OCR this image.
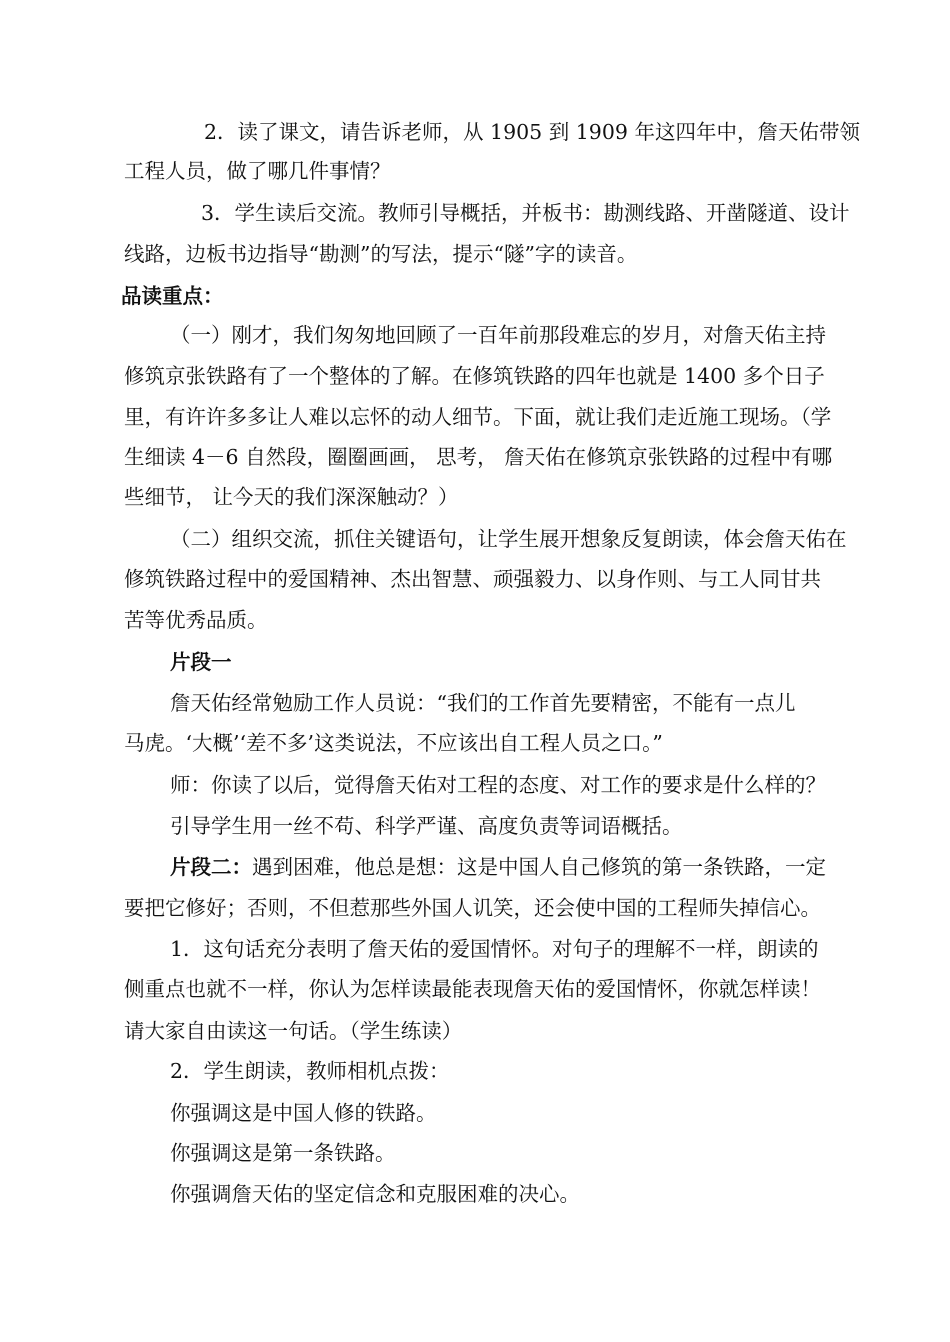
2．读了课文，请告诉老师，从 1905 到 1909 年这四年中，詹天佑带领
工程人员，做了哪几件事情？
3．学生读后交流。教师引导概括，并板书：勘测线路、开凿隧道、设计
线路，边板书边指导“勘测”的写法，提示“隧”字的读音。
品读重点：
（一）刚才，我们匆匆地回顾了一百年前那段难忘的岁月，对詹天佑主持
修筑京张铁路有了一个整体的了解。在修筑铁路的四年也就是 1400 多个日子
里，有许许多多让人难以忘怀的动人细节。下面，就让我们走近施工现场。（学
生细读 4－6 自然段，圈圈画画， 思考， 詹天佑在修筑京张铁路的过程中有哪
些细节， 让今天的我们深深触动？）
（二）组织交流，抓住关键语句，让学生展开想象反复朗读，体会詹天佑在
修筑铁路过程中的爱国精神、杰出智慧、顽强毅力、以身作则、与工人同甘共
苦等优秀品质。
片段一
詹天佑经常勉励工作人员说：“我们的工作首先要精密，不能有一点儿
马虎。‘大概’‘差不多’这类说法，不应该出自工程人员之口。”
师：你读了以后，觉得詹天佑对工程的态度、对工作的要求是什么样的？
引导学生用一丝不苟、科学严谨、高度负责等词语概括。
片段二：遇到困难，他总是想：这是中国人自己修筑的第一条铁路，一定
要把它修好；否则，不但惹那些外国人讥笑，还会使中国的工程师失掉信心。
1．这句话充分表明了詹天佑的爱国情怀。对句子的理解不一样，朗读的
侧重点也就不一样，你认为怎样读最能表现詹天佑的爱国情怀，你就怎样读！
请大家自由读这一句话。（学生练读）
2．学生朗读，教师相机点拨：
你强调这是中国人修的铁路。
你强调这是第一条铁路。
你强调詹天佑的坚定信念和克服困难的决心。
